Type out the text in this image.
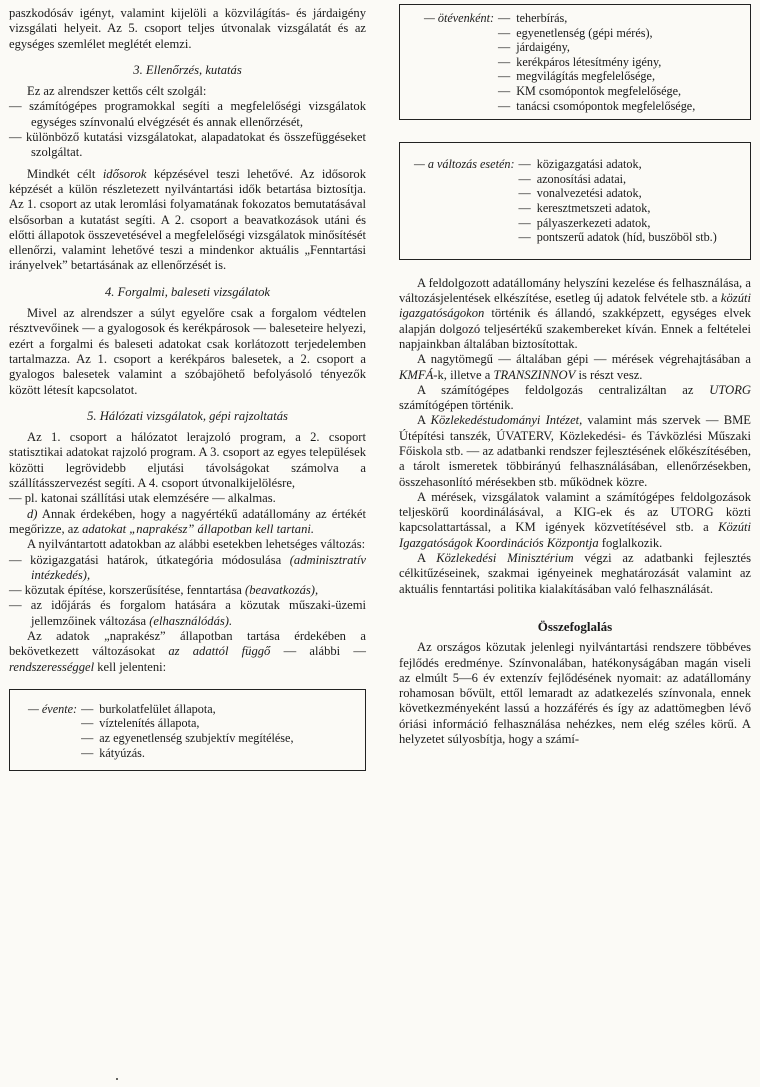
paszkodósáv igényt, valamint kijelöli a közvilágítás- és járdaigény vizsgálati helyeit. Az 5. csoport teljes útvonalak vizsgálatát és az egységes szemlélet meglétét elemzi.

3. Ellenőrzés, kutatás

Ez az alrendszer kettős célt szolgál:

— számítógépes programokkal segíti a megfelelőségi vizsgálatok egységes színvonalú elvégzését és annak ellenőrzését,

— különböző kutatási vizsgálatokat, alapadatokat és összefüggéseket szolgáltat.

Mindkét célt idősorok képzésével teszi lehetővé. Az idősorok képzését a külön részletezett nyilvántartási idők betartása biztosítja. Az 1. csoport az utak leromlási folyamatának fokozatos bemutatásával elsősorban a kutatást segíti. A 2. csoport a beavatkozások utáni és előtti állapotok összevetésével a megfelelőségi vizsgálatok minősítését ellenőrzi, valamint lehetővé teszi a mindenkor aktuális „Fenntartási irányelvek” betartásának az ellenőrzését is.

4. Forgalmi, baleseti vizsgálatok

Mivel az alrendszer a súlyt egyelőre csak a forgalom védtelen résztvevőinek — a gyalogosok és kerékpárosok — baleseteire helyezi, ezért a forgalmi és baleseti adatokat csak korlátozott terjedelemben tartalmazza. Az 1. csoport a kerékpáros balesetek, a 2. csoport a gyalogos balesetek valamint a szóbajöhető befolyásoló tényezők között létesít kapcsolatot.

5. Hálózati vizsgálatok, gépi rajzoltatás

Az 1. csoport a hálózatot lerajzoló program, a 2. csoport statisztikai adatokat rajzoló program. A 3. csoport az egyes települések közötti legrövidebb eljutási távolságokat számolva a szállításszervezést segíti. A 4. csoport útvonalkijelölésre,

— pl. katonai szállítási utak elemzésére — alkalmas.

d) Annak érdekében, hogy a nagyértékű adatállomány az értékét megőrizze, az adatokat „naprakész” állapotban kell tartani.

A nyilvántartott adatokban az alábbi esetekben lehetséges változás:

— közigazgatási határok, útkategória módosulása (adminisztratív intézkedés),

— közutak építése, korszerűsítése, fenntartása (beavatkozás),

— az időjárás és forgalom hatására a közutak műszaki-üzemi jellemzőinek változása (elhasználódás).

Az adatok „naprakész” állapotban tartása érdekében a bekövetkezett változásokat az adattól függő — alábbi — rendszerességgel kell jelenteni:

— évente:	—	burkolatfelület állapota,
	—	víztelenítés állapota,
	—	az egyenetlenség szubjektív megítélése,
	—	kátyúzás.
— ötévenként:	—	teherbírás,
	—	egyenetlenség (gépi mérés),
	—	járdaigény,
	—	kerékpáros létesítmény igény,
	—	megvilágítás megfelelősége,
	—	KM csomópontok megfelelősége,
	—	tanácsi csomópontok megfelelősége,
— a változás esetén:	—	közigazgatási adatok,
	—	azonosítási adatai,
	—	vonalvezetési adatok,
	—	keresztmetszeti adatok,
	—	pályaszerkezeti adatok,
	—	pontszerű adatok (híd, buszöböl stb.)

A feldolgozott adatállomány helyszíni kezelése és felhasználása, a változásjelentések elkészítése, esetleg új adatok felvétele stb. a közúti igazgatóságokon történik és állandó, szakképzett, egységes elvek alapján dolgozó teljesértékű szakembereket kíván. Ennek a feltételei napjainkban általában biztosítottak.

A nagytömegű — általában gépi — mérések végrehajtásában a KMFÁ-k, illetve a TRANSZINNOV is részt vesz.

A számítógépes feldolgozás centralizáltan az UTORG számítógépen történik.

A Közlekedéstudományi Intézet, valamint más szervek — BME Útépítési tanszék, ÚVATERV, Közlekedési- és Távközlési Műszaki Főiskola stb. — az adatbanki rendszer fejlesztésének előkészítésében, a tárolt ismeretek többirányú felhasználásában, ellenőrzésekben, összehasonlító mérésekben stb. működnek közre.

A mérések, vizsgálatok valamint a számítógépes feldolgozások teljeskörű koordinálásával, a KIG-ek és az UTORG közti kapcsolattartással, a KM igények közvetítésével stb. a Közúti Igazgatóságok Koordinációs Központja foglalkozik.

A Közlekedési Minisztérium végzi az adatbanki fejlesztés célkitűzéseinek, szakmai igényeinek meghatározását valamint az aktuális fenntartási politika kialakításában való felhasználását.

Összefoglalás

Az országos közutak jelenlegi nyilvántartási rendszere többéves fejlődés eredménye. Színvonalában, hatékonyságában magán viseli az elmúlt 5—6 év extenzív fejlődésének nyomait: az adatállomány rohamosan bővült, ettől lemaradt az adatkezelés színvonala, ennek következményeként lassú a hozzáférés és így az adattömegben lévő óriási információ felhasználása nehézkes, nem elég széles körű. A helyzetet súlyosbítja, hogy a számí-
